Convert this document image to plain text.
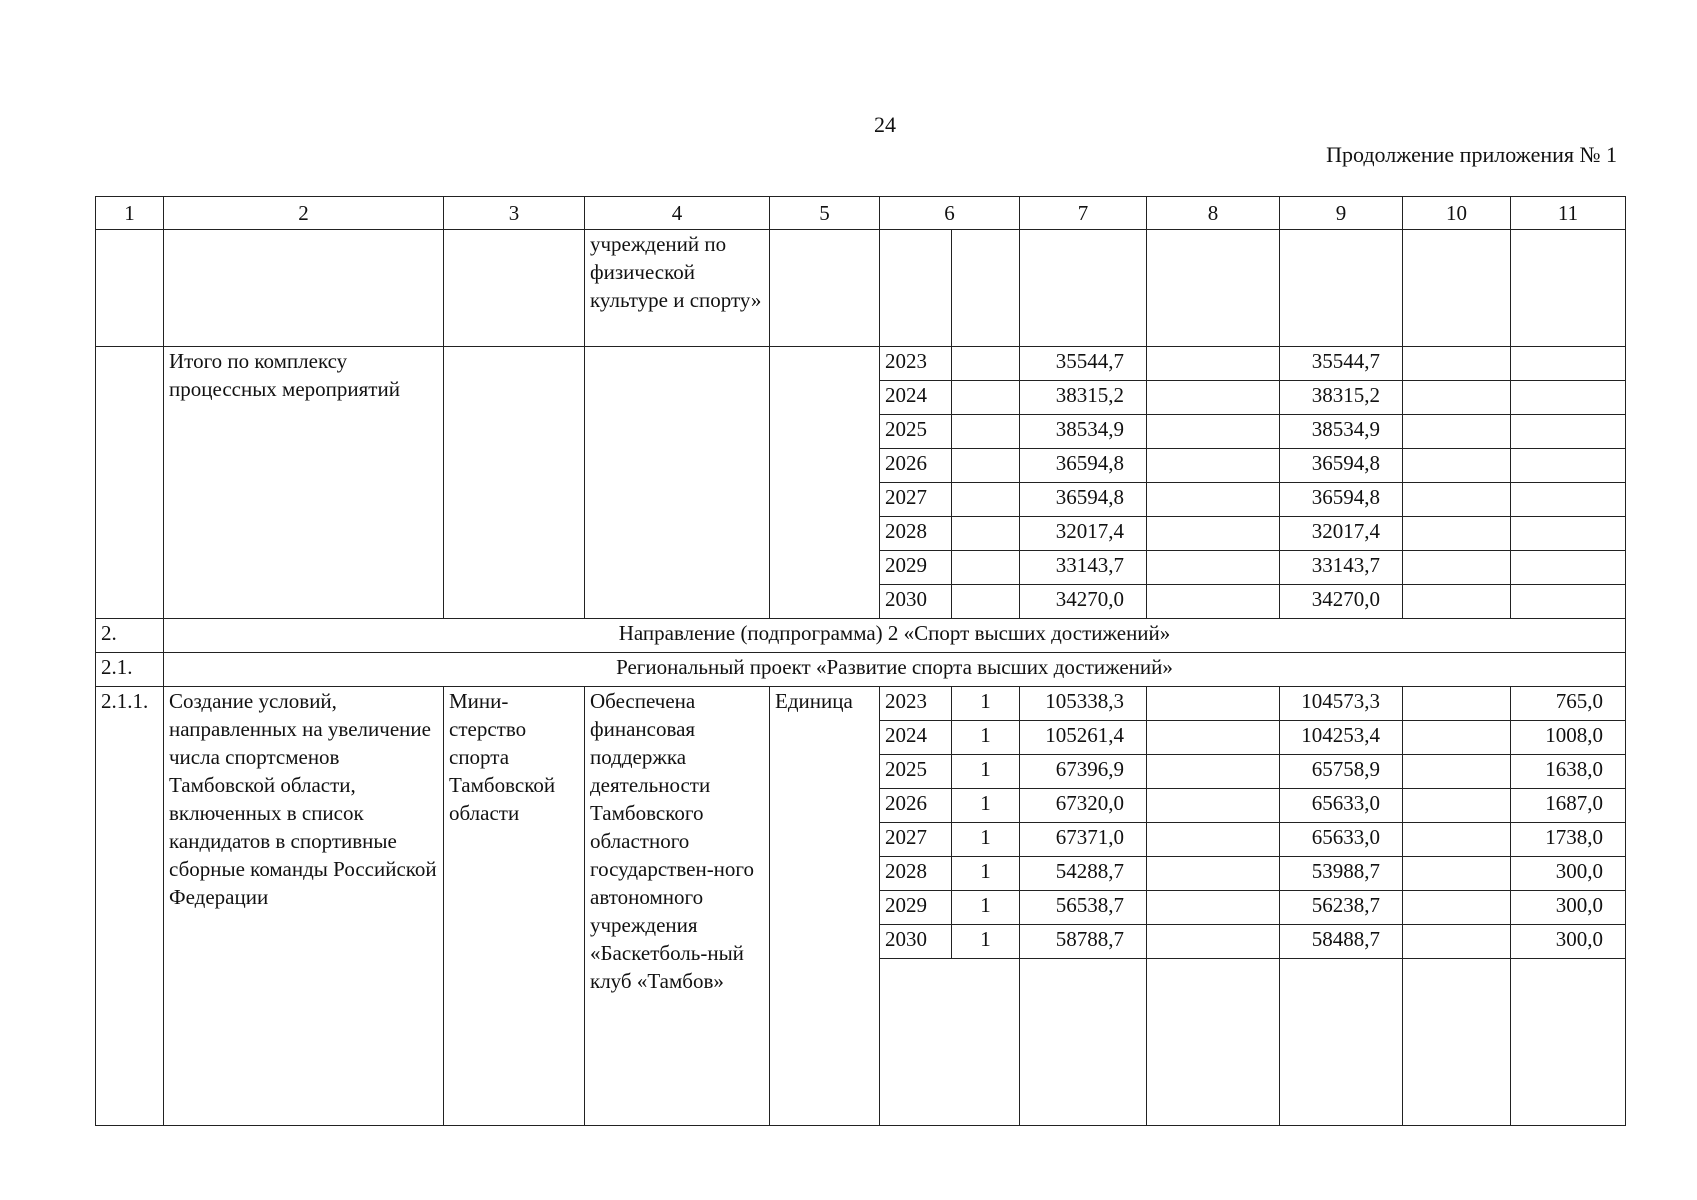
24
Продолжение приложения № 1
1	2	3	4	5	6		7	8	9	10	11
			учреждений по физической культуре и спорту»								
	Итого по комплексу процессных мероприятий				2023		35544,7		35544,7		
					2024		38315,2		38315,2		
					2025		38534,9		38534,9		
					2026		36594,8		36594,8		
					2027		36594,8		36594,8		
					2028		32017,4		32017,4		
					2029		33143,7		33143,7		
					2030		34270,0		34270,0		
2.	Направление (подпрограмма) 2 «Спорт высших достижений»										
2.1.	Региональный проект «Развитие спорта высших достижений»										
2.1.1.	Создание условий, направленных на увеличение числа спортсменов Тамбовской области, включенных в список кандидатов в спортивные сборные команды Российской Федерации	Мини-стерство спорта Тамбовской области	Обеспечена финансовая поддержка деятельности Тамбовского областного государствен-ного автономного учреждения «Баскетболь-ный клуб «Тамбов»	Единица	2023	1	105338,3		104573,3		765,0
					2024	1	105261,4		104253,4		1008,0
					2025	1	67396,9		65758,9		1638,0
					2026	1	67320,0		65633,0		1687,0
					2027	1	67371,0		65633,0		1738,0
					2028	1	54288,7		53988,7		300,0
					2029	1	56538,7		56238,7		300,0
					2030	1	58788,7		58488,7		300,0
